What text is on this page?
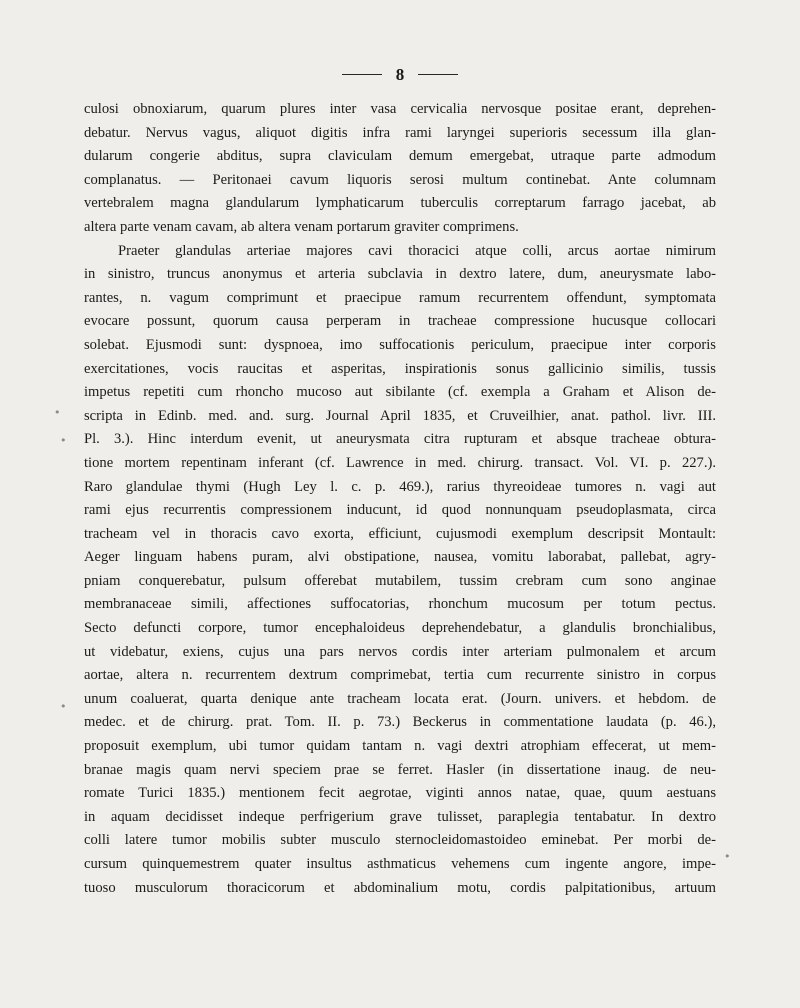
8
culosi obnoxiarum, quarum plures inter vasa cervicalia nervosque positae erant, deprehen-
debatur. Nervus vagus, aliquot digitis infra rami laryngei superioris secessum illa glan-
dularum congerie abditus, supra claviculam demum emergebat, utraque parte admodum
complanatus. — Peritonaei cavum liquoris serosi multum continebat. Ante columnam
vertebralem magna glandularum lymphaticarum tuberculis correptarum farrago jacebat, ab
altera parte venam cavam, ab altera venam portarum graviter comprimens.
Praeter glandulas arteriae majores cavi thoracici atque colli, arcus aortae nimirum
in sinistro, truncus anonymus et arteria subclavia in dextro latere, dum, aneurysmate labo-
rantes, n. vagum comprimunt et praecipue ramum recurrentem offendunt, symptomata
evocare possunt, quorum causa perperam in tracheae compressione hucusque collocari
solebat. Ejusmodi sunt: dyspnoea, imo suffocationis periculum, praecipue inter corporis
exercitationes, vocis raucitas et asperitas, inspirationis sonus gallicinio similis, tussis
impetus repetiti cum rhoncho mucoso aut sibilante (cf. exempla a Graham et Alison de-
scripta in Edinb. med. and. surg. Journal April 1835, et Cruveilhier, anat. pathol. livr. III.
Pl. 3.). Hinc interdum evenit, ut aneurysmata citra rupturam et absque tracheae obtura-
tione mortem repentinam inferant (cf. Lawrence in med. chirurg. transact. Vol. VI. p. 227.).
Raro glandulae thymi (Hugh Ley l. c. p. 469.), rarius thyreoideae tumores n. vagi aut
rami ejus recurrentis compressionem inducunt, id quod nonnunquam pseudoplasmata, circa
tracheam vel in thoracis cavo exorta, efficiunt, cujusmodi exemplum descripsit Montault:
Aeger linguam habens puram, alvi obstipatione, nausea, vomitu laborabat, pallebat, agry-
pniam conquerebatur, pulsum offerebat mutabilem, tussim crebram cum sono anginae
membranaceae simili, affectiones suffocatorias, rhonchum mucosum per totum pectus.
Secto defuncti corpore, tumor encephaloideus deprehendebatur, a glandulis bronchialibus,
ut videbatur, exiens, cujus una pars nervos cordis inter arteriam pulmonalem et arcum
aortae, altera n. recurrentem dextrum comprimebat, tertia cum recurrente sinistro in corpus
unum coaluerat, quarta denique ante tracheam locata erat. (Journ. univers. et hebdom. de
medec. et de chirurg. prat. Tom. II. p. 73.) Beckerus in commentatione laudata (p. 46.),
proposuit exemplum, ubi tumor quidam tantam n. vagi dextri atrophiam effecerat, ut mem-
branae magis quam nervi speciem prae se ferret. Hasler (in dissertatione inaug. de neu-
romate Turici 1835.) mentionem fecit aegrotae, viginti annos natae, quae, quum aestuans
in aquam decidisset indeque perfrigerium grave tulisset, paraplegia tentabatur. In dextro
colli latere tumor mobilis subter musculo sternocleidomastoideo eminebat. Per morbi de-
cursum quinquemestrem quater insultus asthmaticus vehemens cum ingente angore, impe-
tuoso musculorum thoracicorum et abdominalium motu, cordis palpitationibus, artuum
•
•
•
•
